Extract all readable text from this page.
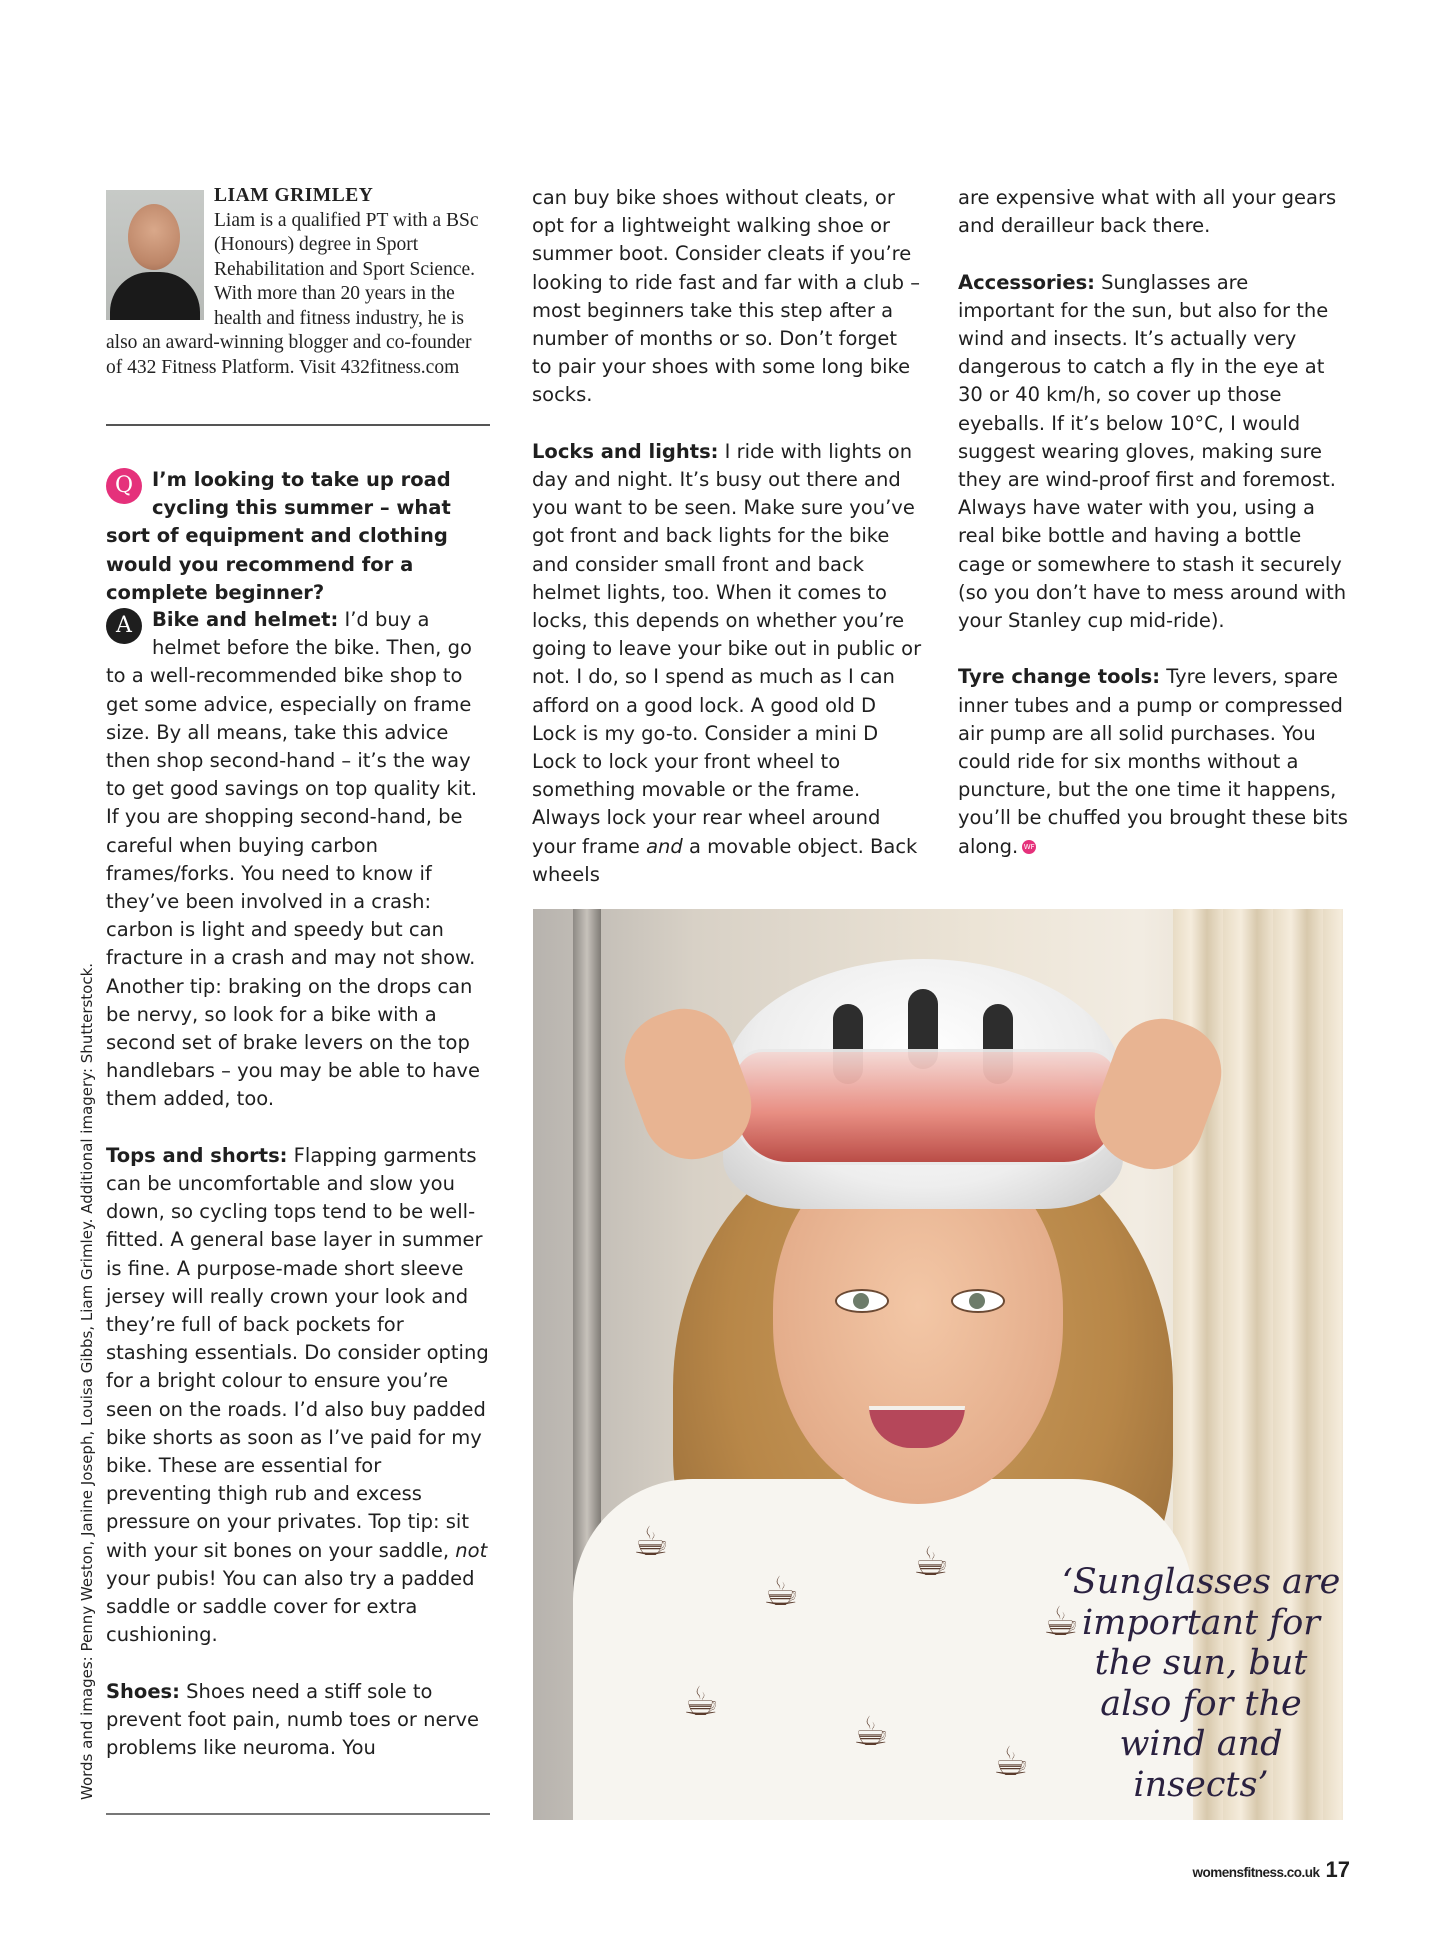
Words and images: Penny Weston, Janine Joseph, Louisa Gibbs, Liam Grimley. Additional imagery: Shutterstock.
LIAM GRIMLEY
Liam is a qualified PT with a BSc (Honours) degree in Sport Rehabilitation and Sport Science. With more than 20 years in the health and fitness industry, he is also an award-winning blogger and co-founder of 432 Fitness Platform. Visit 432fitness.com
Q I’m looking to take up road cycling this summer – what sort of equipment and clothing would you recommend for a complete beginner?

A	Bike and helmet: I’d buy a helmet before the bike. Then, go to a well-recommended bike shop to get some advice, especially on frame size. By all means, take this advice then shop second-hand – it’s the way to get good savings on top quality kit. If you are shopping second-hand, be careful when buying carbon frames/forks. You need to know if they’ve been involved in a crash: carbon is light and speedy but can fracture in a crash and may not show. Another tip: braking on the drops can be nervy, so look for a bike with a second set of brake levers on the top handlebars – you may be able to have them added, too.

Tops and shorts: Flapping garments can be uncomfortable and slow you down, so cycling tops tend to be well-fitted. A general base layer in summer is fine. A purpose-made short sleeve jersey will really crown your look and they’re full of back pockets for stashing essentials. Do consider opting for a bright colour to ensure you’re seen on the roads. I’d also buy padded bike shorts as soon as I’ve paid for my bike. These are essential for preventing thigh rub and excess pressure on your privates. Top tip: sit with your sit bones on your saddle, not your pubis! You can also try a padded saddle or saddle cover for extra cushioning.

Shoes: Shoes need a stiff sole to prevent foot pain, numb toes or nerve problems like neuroma. You

can buy bike shoes without cleats, or opt for a lightweight walking shoe or summer boot. Consider cleats if you’re looking to ride fast and far with a club – most beginners take this step after a number of months or so. Don’t forget to pair your shoes with some long bike socks.

Locks and lights: I ride with lights on day and night. It’s busy out there and you want to be seen. Make sure you’ve got front and back lights for the bike and consider small front and back helmet lights, too. When it comes to locks, this depends on whether you’re going to leave your bike out in public or not. I do, so I spend as much as I can afford on a good lock. A good old D Lock is my go-to. Consider a mini D Lock to lock your front wheel to something movable or the frame. Always lock your rear wheel around your frame and a movable object. Back wheels

are expensive what with all your gears and derailleur back there.

Accessories: Sunglasses are important for the sun, but also for the wind and insects. It’s actually very dangerous to catch a fly in the eye at 30 or 40 km/h, so cover up those eyeballs. If it’s below 10°C, I would suggest wearing gloves, making sure they are wind-proof first and foremost. Always have water with you, using a real bike bottle and having a bottle cage or somewhere to stash it securely (so you don’t have to mess around with your Stanley cup mid-ride).

Tyre change tools: Tyre levers, spare inner tubes and a pump or compressed air pump are all solid purchases. You could ride for six months without a puncture, but the one time it happens, you’ll be chuffed you brought these bits along. WF

☕
☕
☕
☕
☕
☕
☕
‘Sunglasses are important for the sun, but also for the wind and insects’
womensfitness.co.uk 17
